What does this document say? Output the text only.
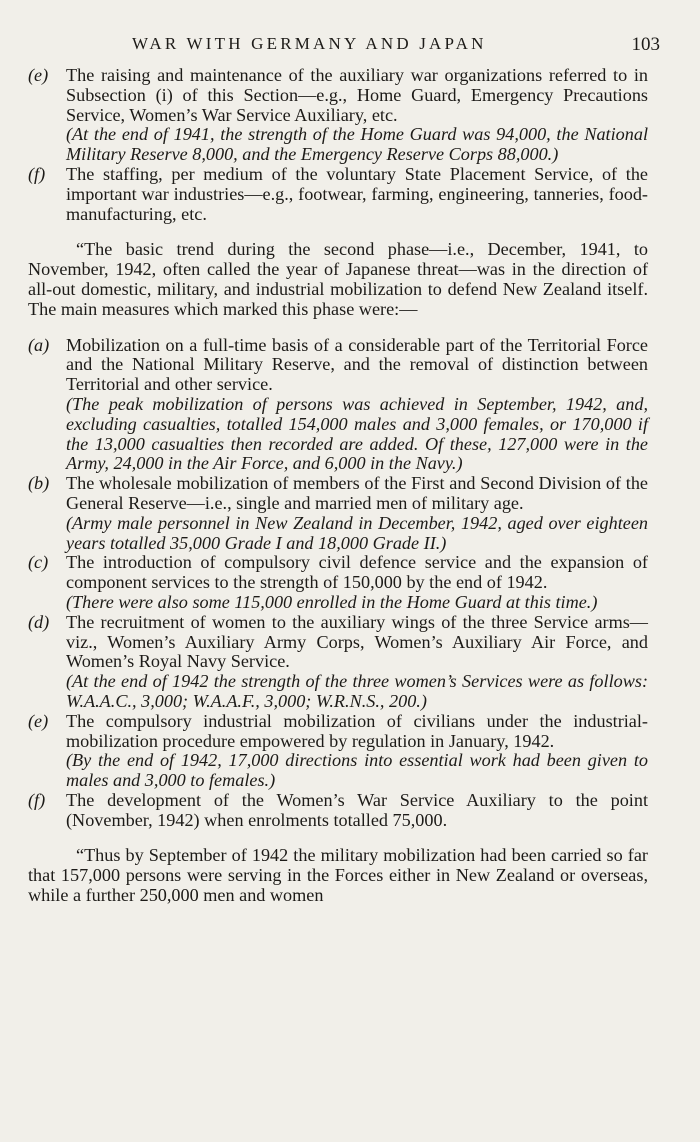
WAR WITH GERMANY AND JAPAN	103
(e) The raising and maintenance of the auxiliary war organizations referred to in Subsection (i) of this Section—e.g., Home Guard, Emergency Precautions Service, Women’s War Service Auxiliary, etc.

(At the end of 1941, the strength of the Home Guard was 94,000, the National Military Reserve 8,000, and the Emergency Reserve Corps 88,000.)

(f)	The staffing, per medium of the voluntary State Placement Service, of the important war industries—e.g., footwear, farming, engineering, tanneries, food-manufacturing, etc.

“The basic trend during the second phase—i.e., December, 1941, to November, 1942, often called the year of Japanese threat—was in the direction of all-out domestic, military, and industrial mobilization to defend New Zealand itself. The main measures which marked this phase were:—

(a) Mobilization on a full-time basis of a considerable part of the Territorial Force and the National Military Reserve, and the removal of distinction between Territorial and other service.

(The peak mobilization of persons was achieved in September, 1942, and, excluding casualties, totalled 154,000 males and 3,000 females, or 170,000 if the 13,000 casualties then recorded are added. Of these, 127,000 were in the Army, 24,000 in the Air Force, and 6,000 in the Navy.)

(b) The wholesale mobilization of members of the First and Second Division of the General Reserve—i.e., single and married men of military age.

(Army male personnel in New Zealand in December, 1942, aged over eighteen years totalled 35,000 Grade I and 18,000 Grade II.)

(c) The introduction of compulsory civil defence service and the expansion of component services to the strength of 150,000 by the end of 1942.

(There were also some 115,000 enrolled in the Home Guard at this time.)

(d) The recruitment of women to the auxiliary wings of the three Service arms—viz., Women’s Auxiliary Army Corps, Women’s Auxiliary Air Force, and Women’s Royal Navy Service.

(At the end of 1942 the strength of the three women’s Services were as follows: W.A.A.C., 3,000; W.A.A.F., 3,000; W.R.N.S., 200.)

(e) The compulsory industrial mobilization of civilians under the industrial-mobilization procedure empowered by regulation in January, 1942.

(By the end of 1942, 17,000 directions into essential work had been given to males and 3,000 to females.)

(f)	The development of the Women’s War Service Auxiliary to the point (November, 1942) when enrolments totalled 75,000.

“Thus by September of 1942 the military mobilization had been carried so far that 157,000 persons were serving in the Forces either in New Zealand or overseas, while a further 250,000 men and women
